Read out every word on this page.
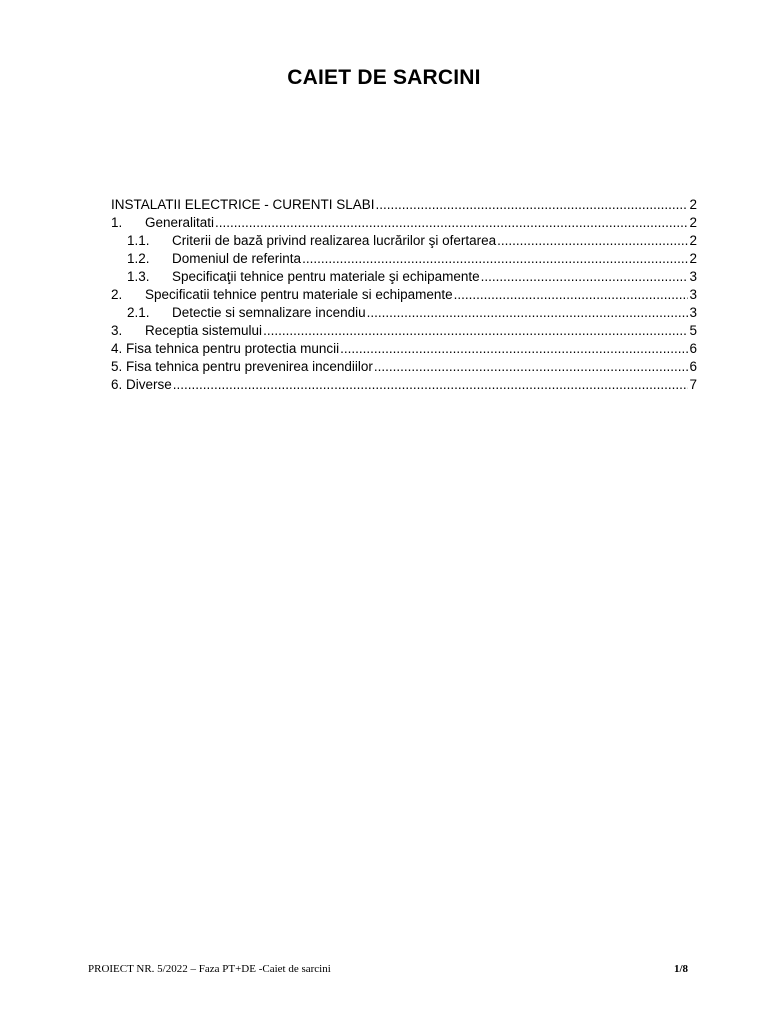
CAIET DE SARCINI
INSTALATII ELECTRICE - CURENTI SLABI .....	2
1.	Generalitati .....	2
1.1.	Criterii de bază privind realizarea lucrărilor şi ofertarea .....	2
1.2.	Domeniul de referinta .....	2
1.3.	Specificaţii tehnice pentru materiale şi echipamente .....	3
2.	Specificatii tehnice pentru materiale si echipamente .....	3
2.1.	Detectie si semnalizare incendiu .....	3
3.	Receptia sistemului .....	5
4. Fisa tehnica pentru protectia muncii .....	6
5. Fisa tehnica pentru prevenirea incendiilor .....	6
6. Diverse .....	7
PROIECT NR. 5/2022 – Faza PT+DE -Caiet de sarcini	1/8
